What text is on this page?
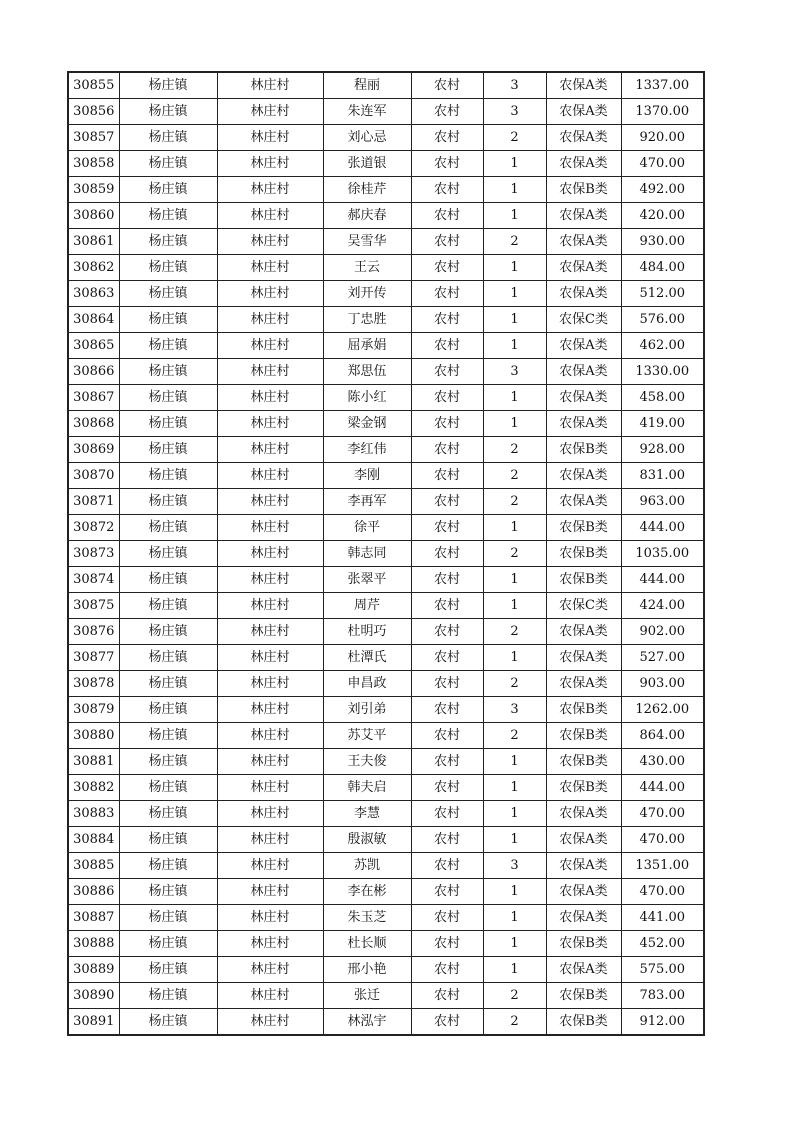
30855	杨庄镇	林庄村	程丽	农村	3	农保A类	1337.00
30856	杨庄镇	林庄村	朱连军	农村	3	农保A类	1370.00
30857	杨庄镇	林庄村	刘心忌	农村	2	农保A类	920.00
30858	杨庄镇	林庄村	张道银	农村	1	农保A类	470.00
30859	杨庄镇	林庄村	徐桂芹	农村	1	农保B类	492.00
30860	杨庄镇	林庄村	郝庆春	农村	1	农保A类	420.00
30861	杨庄镇	林庄村	吴雪华	农村	2	农保A类	930.00
30862	杨庄镇	林庄村	王云	农村	1	农保A类	484.00
30863	杨庄镇	林庄村	刘开传	农村	1	农保A类	512.00
30864	杨庄镇	林庄村	丁忠胜	农村	1	农保C类	576.00
30865	杨庄镇	林庄村	屈承娟	农村	1	农保A类	462.00
30866	杨庄镇	林庄村	郑思伍	农村	3	农保A类	1330.00
30867	杨庄镇	林庄村	陈小红	农村	1	农保A类	458.00
30868	杨庄镇	林庄村	梁金钢	农村	1	农保A类	419.00
30869	杨庄镇	林庄村	李红伟	农村	2	农保B类	928.00
30870	杨庄镇	林庄村	李刚	农村	2	农保A类	831.00
30871	杨庄镇	林庄村	李再军	农村	2	农保A类	963.00
30872	杨庄镇	林庄村	徐平	农村	1	农保B类	444.00
30873	杨庄镇	林庄村	韩志同	农村	2	农保B类	1035.00
30874	杨庄镇	林庄村	张翠平	农村	1	农保B类	444.00
30875	杨庄镇	林庄村	周芹	农村	1	农保C类	424.00
30876	杨庄镇	林庄村	杜明巧	农村	2	农保A类	902.00
30877	杨庄镇	林庄村	杜潭氏	农村	1	农保A类	527.00
30878	杨庄镇	林庄村	申昌政	农村	2	农保A类	903.00
30879	杨庄镇	林庄村	刘引弟	农村	3	农保B类	1262.00
30880	杨庄镇	林庄村	苏艾平	农村	2	农保B类	864.00
30881	杨庄镇	林庄村	王夫俊	农村	1	农保B类	430.00
30882	杨庄镇	林庄村	韩夫启	农村	1	农保B类	444.00
30883	杨庄镇	林庄村	李慧	农村	1	农保A类	470.00
30884	杨庄镇	林庄村	殷淑敏	农村	1	农保A类	470.00
30885	杨庄镇	林庄村	苏凯	农村	3	农保A类	1351.00
30886	杨庄镇	林庄村	李在彬	农村	1	农保A类	470.00
30887	杨庄镇	林庄村	朱玉芝	农村	1	农保A类	441.00
30888	杨庄镇	林庄村	杜长顺	农村	1	农保B类	452.00
30889	杨庄镇	林庄村	邢小艳	农村	1	农保A类	575.00
30890	杨庄镇	林庄村	张迁	农村	2	农保B类	783.00
30891	杨庄镇	林庄村	林泓宇	农村	2	农保B类	912.00
